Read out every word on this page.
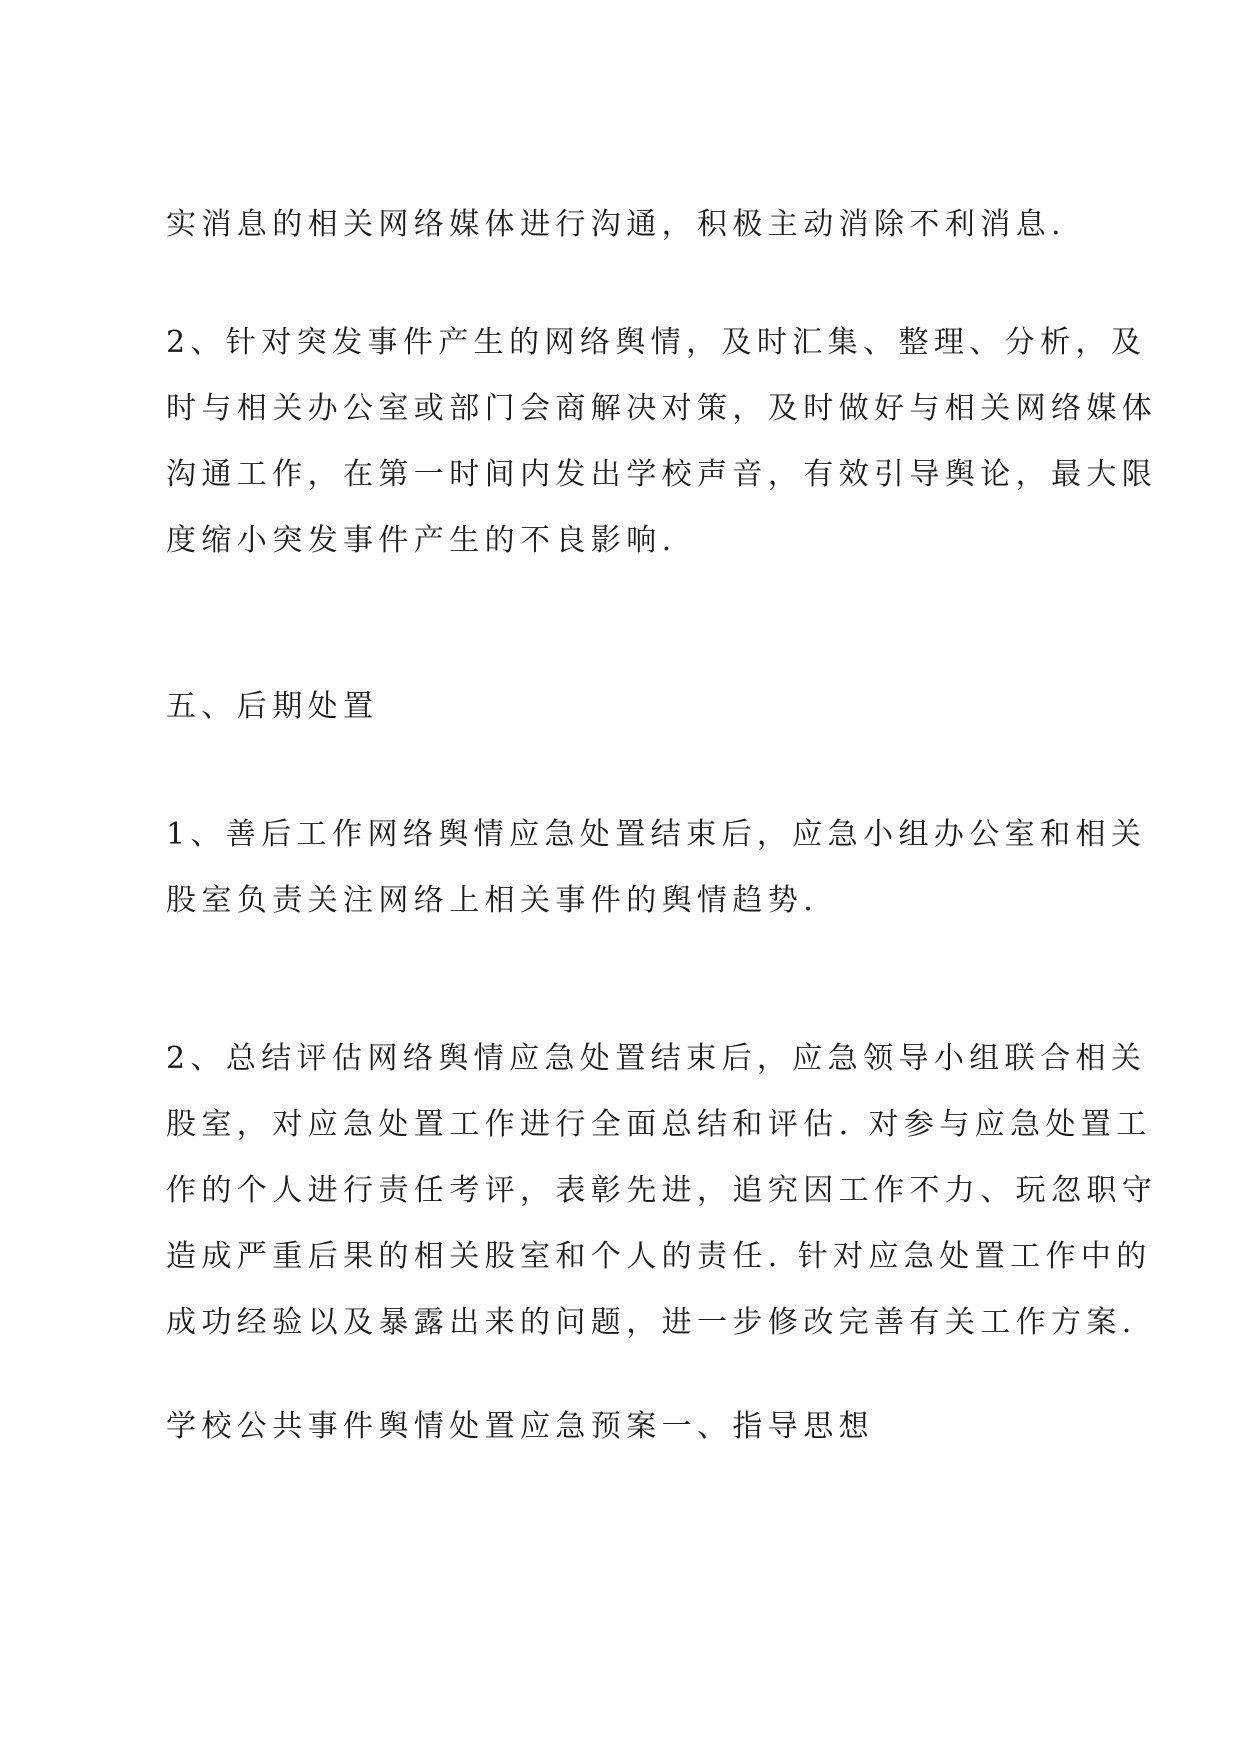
实消息的相关网络媒体进行沟通，积极主动消除不利消息.

2、针对突发事件产生的网络舆情，及时汇集、整理、分析，及
时与相关办公室或部门会商解决对策，及时做好与相关网络媒体
沟通工作，在第一时间内发出学校声音，有效引导舆论，最大限
度缩小突发事件产生的不良影响.

五、后期处置

1、善后工作网络舆情应急处置结束后，应急小组办公室和相关
股室负责关注网络上相关事件的舆情趋势.

2、总结评估网络舆情应急处置结束后，应急领导小组联合相关
股室，对应急处置工作进行全面总结和评估. 对参与应急处置工
作的个人进行责任考评，表彰先进，追究因工作不力、玩忽职守
造成严重后果的相关股室和个人的责任. 针对应急处置工作中的
成功经验以及暴露出来的问题，进一步修改完善有关工作方案.

学校公共事件舆情处置应急预案一、指导思想
